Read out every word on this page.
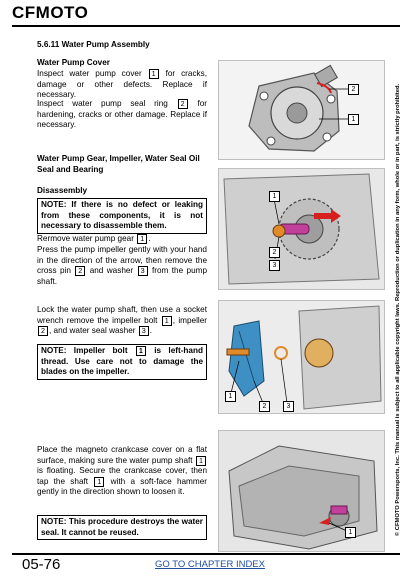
CFMOTO
5.6.11 Water Pump Assembly
Water Pump Cover
Inspect water pump cover 1 for cracks, damage or other defects. Replace if necessary.
Inspect water pump seal ring 2 for hardening, cracks or other damage. Replace if necessary.
2
1
Water Pump Gear, Impeller, Water Seal Oil Seal and Bearing
Disassembly
NOTE: If there is no defect or leaking from these components, it is not necessary to disassemble them.
Rermove water pump gear 1 .
Press the pump impeller gently with your hand in the direction of the arrow, then remove the cross pin 2 and washer 3 from the pump shaft.
1
2
3
Lock the water pump shaft, then use a socket wrench remove the impeller bolt 1 , impeller 2 , and water seal washer 3 .
NOTE: Impeller bolt 1 is left-hand thread. Use care not to damage the blades on the impeller.
1
2	3
Place the magneto crankcase cover on a flat surface, making sure the water pump shaft 1 is floating. Secure the crankcase cover, then tap the shaft 1 with a soft-face hammer gently in the direction shown to loosen it.
NOTE: This procedure destroys the water seal. It cannot be reused.	1	© CFMOTO Powersports, Inc. This manual is subject to all applicable copyright laws. Reproduction or duplication in any form, whole or in part, is strictly prohibited.
05-76	GO TO CHAPTER INDEX
